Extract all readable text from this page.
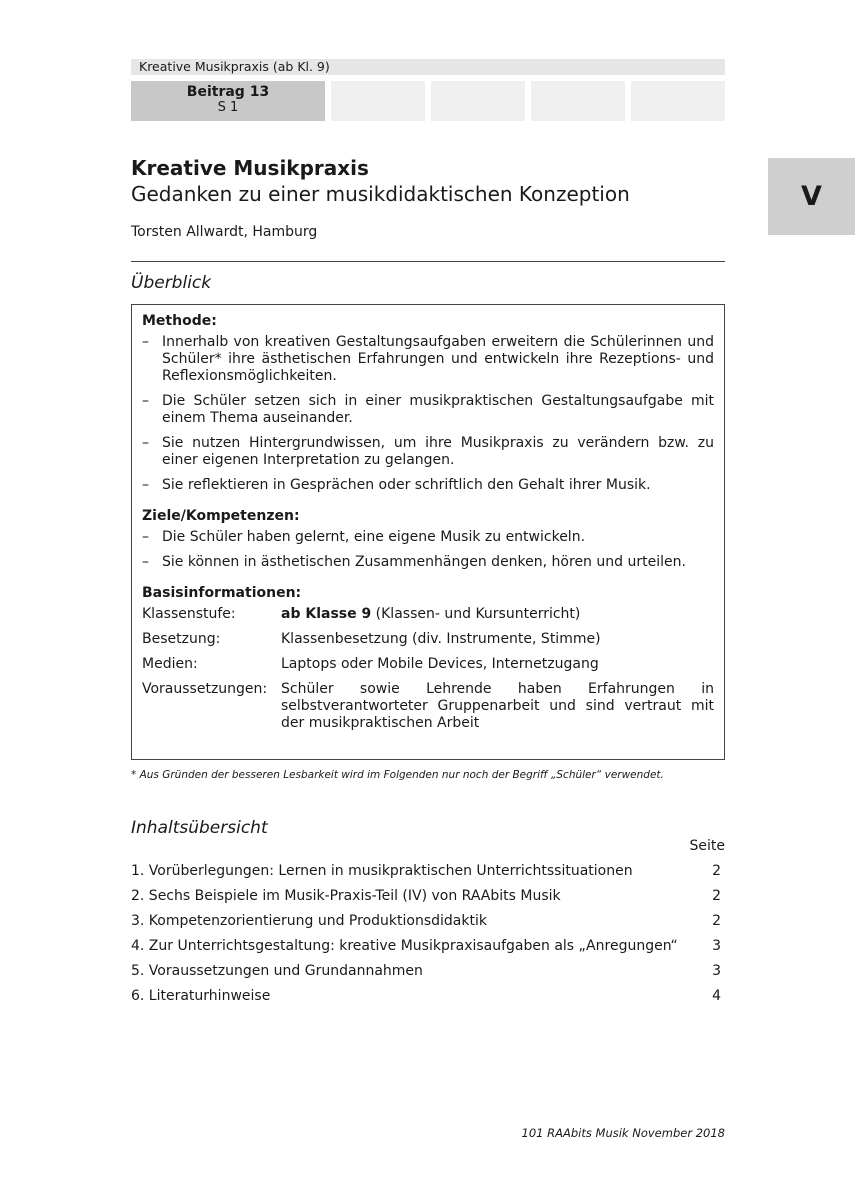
Kreative Musikpraxis (ab Kl. 9)
Beitrag 13
S 1
V
Kreative Musikpraxis
Gedanken zu einer musikdidaktischen Konzeption
Torsten Allwardt, Hamburg
Überblick
Methode:
– Innerhalb von kreativen Gestaltungsaufgaben erweitern die Schülerinnen und Schüler* ihre ästhetischen Erfahrungen und entwickeln ihre Rezeptions- und Reflexionsmöglichkeiten.
– Die Schüler setzen sich in einer musikpraktischen Gestaltungsaufgabe mit einem Thema auseinander.
– Sie nutzen Hintergrundwissen, um ihre Musikpraxis zu verändern bzw. zu einer eigenen Interpretation zu gelangen.
– Sie reflektieren in Gesprächen oder schriftlich den Gehalt ihrer Musik.
Ziele/Kompetenzen:
– Die Schüler haben gelernt, eine eigene Musik zu entwickeln.
– Sie können in ästhetischen Zusammenhängen denken, hören und urteilen.
Basisinformationen:
Klassenstufe:	ab Klasse 9 (Klassen- und Kursunterricht)
Besetzung:	Klassenbesetzung (div. Instrumente, Stimme)
Medien:	Laptops oder Mobile Devices, Internetzugang
Voraussetzungen: Schüler sowie Lehrende haben Erfahrungen in selbstverantworteter Gruppenarbeit und sind vertraut mit der musikpraktischen Arbeit
* Aus Gründen der besseren Lesbarkeit wird im Folgenden nur noch der Begriff „Schüler“ verwendet.
Inhaltsübersicht
Seite
1. Vorüberlegungen: Lernen in musikpraktischen Unterrichtssituationen	2
2. Sechs Beispiele im Musik-Praxis-Teil (IV) von RAAbits Musik	2
3. Kompetenzorientierung und Produktionsdidaktik	2
4. Zur Unterrichtsgestaltung: kreative Musikpraxisaufgaben als „Anregungen“ 3
5. Voraussetzungen und Grundannahmen	3
6. Literaturhinweise	4
101 RAAbits Musik November 2018
